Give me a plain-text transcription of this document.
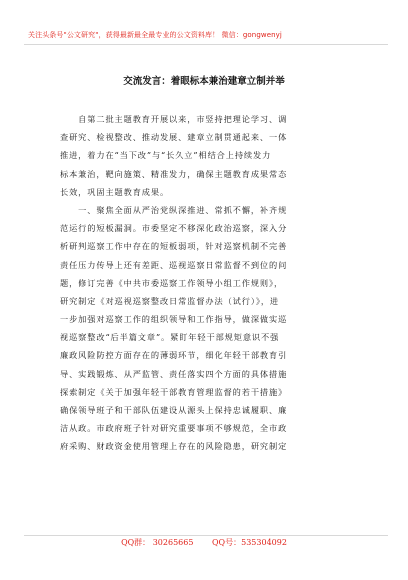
关注头条号"公文研究"，获得最新最全最专业的公文资料库！ 微信：gongwenyj
交流发言：着眼标本兼治建章立制并举
　　自第二批主题教育开展以来，市竖持把理论学习、调
查研究、检视整改、推动发展、建章立制贯通起来、一体
推进，着力在“当下改”与“长久立”相结合上持续发力
标本兼治，靶向施策、精准发力，确保主题教育成果常态
长效，巩固主题教育成果。
　　一、聚焦全面从严治党纵深推进、常抓不懈，补齐规
范运行的短板漏洞。市委坚定不移深化政治巡察，深入分
析研判巡察工作中存在的短板弱项，针对巡察机制不完善
责任压力传导上还有差距、巡视巡察日常监督不到位的问
题，修订完善《中共市委巡察工作领导小组工作规则》，
研究制定《对巡视巡察整改日常监督办法（试行）》，进
一步加强对巡察工作的组织领导和工作指导，做深做实巡
视巡察整改“后半篇文章”。紧盯年轻干部规矩意识不强
廉政风险防控方面存在的薄弱环节，细化年轻干部教育引
导、实践锻炼、从严监管、责任落实四个方面的具体措施
探索制定《关于加强年轻干部教育管理监督的若干措施》
确保领导班子和干部队伍建设从源头上保持忠诚履职、廉
洁从政。市政府班子针对研究重要事项不够规范，全市政
府采购、财政资金使用管理上存在的风险隐患，研究制定
QQ群： 30265665 QQ号：535304092
